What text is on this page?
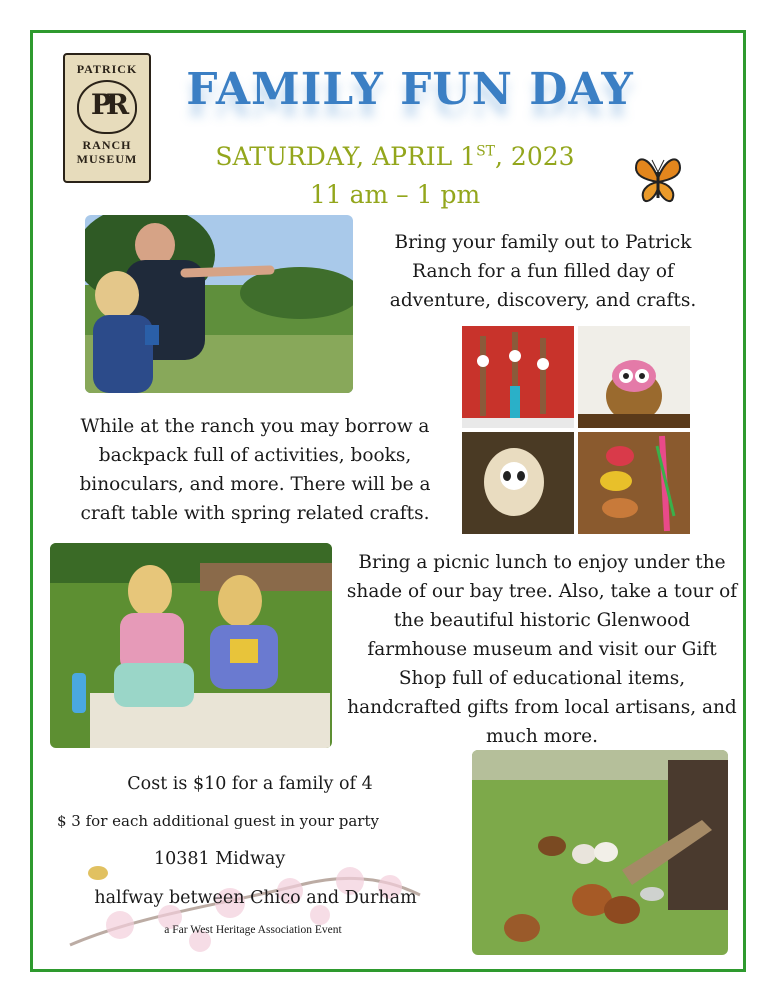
PATRICK
PR
RANCH
MUSEUM
FAMILY FUN DAY
SATURDAY, APRIL 1ST, 2023
11 am – 1 pm
Bring your family out to Patrick Ranch for a fun filled day of adventure, discovery, and crafts.
While at the ranch you may borrow a backpack full of activities, books, binoculars, and more. There will be a craft table with spring related crafts.
Bring a picnic lunch to enjoy under the shade of our bay tree. Also, take a tour of the beautiful historic Glenwood farmhouse museum and visit our Gift Shop full of educational items, handcrafted gifts from local artisans, and much more.
Cost is $10 for a family of 4
$ 3 for each additional guest in your party
10381 Midway
halfway between Chico and Durham
a Far West Heritage Association Event
